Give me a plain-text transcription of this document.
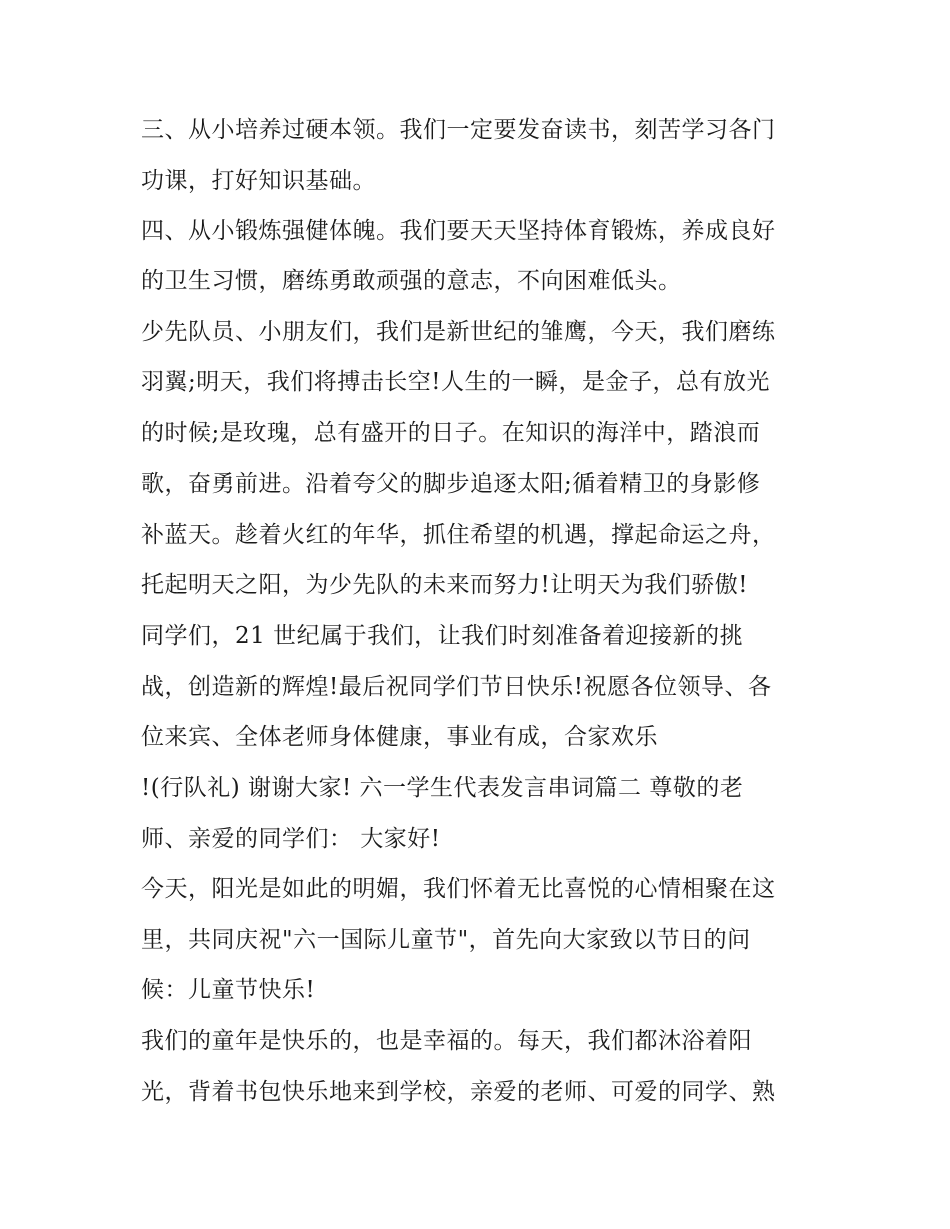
三、从小培养过硬本领。我们一定要发奋读书，刻苦学习各门

功课，打好知识基础。

四、从小锻炼强健体魄。我们要天天坚持体育锻炼，养成良好

的卫生习惯，磨练勇敢顽强的意志，不向困难低头。

少先队员、小朋友们，我们是新世纪的雏鹰，今天，我们磨练

羽翼;明天，我们将搏击长空!人生的一瞬，是金子，总有放光

的时候;是玫瑰，总有盛开的日子。在知识的海洋中，踏浪而

歌，奋勇前进。沿着夸父的脚步追逐太阳;循着精卫的身影修

补蓝天。趁着火红的年华，抓住希望的机遇，撑起命运之舟，

托起明天之阳，为少先队的未来而努力!让明天为我们骄傲!

同学们，21 世纪属于我们，让我们时刻准备着迎接新的挑

战，创造新的辉煌!最后祝同学们节日快乐!祝愿各位领导、各

位来宾、全体老师身体健康，事业有成，合家欢乐

!(行队礼) 谢谢大家! 六一学生代表发言串词篇二 尊敬的老

师、亲爱的同学们： 大家好!

今天，阳光是如此的明媚，我们怀着无比喜悦的心情相聚在这

里，共同庆祝"六一国际儿童节"，首先向大家致以节日的问

候：儿童节快乐!

我们的童年是快乐的，也是幸福的。每天，我们都沐浴着阳

光，背着书包快乐地来到学校，亲爱的老师、可爱的同学、熟
